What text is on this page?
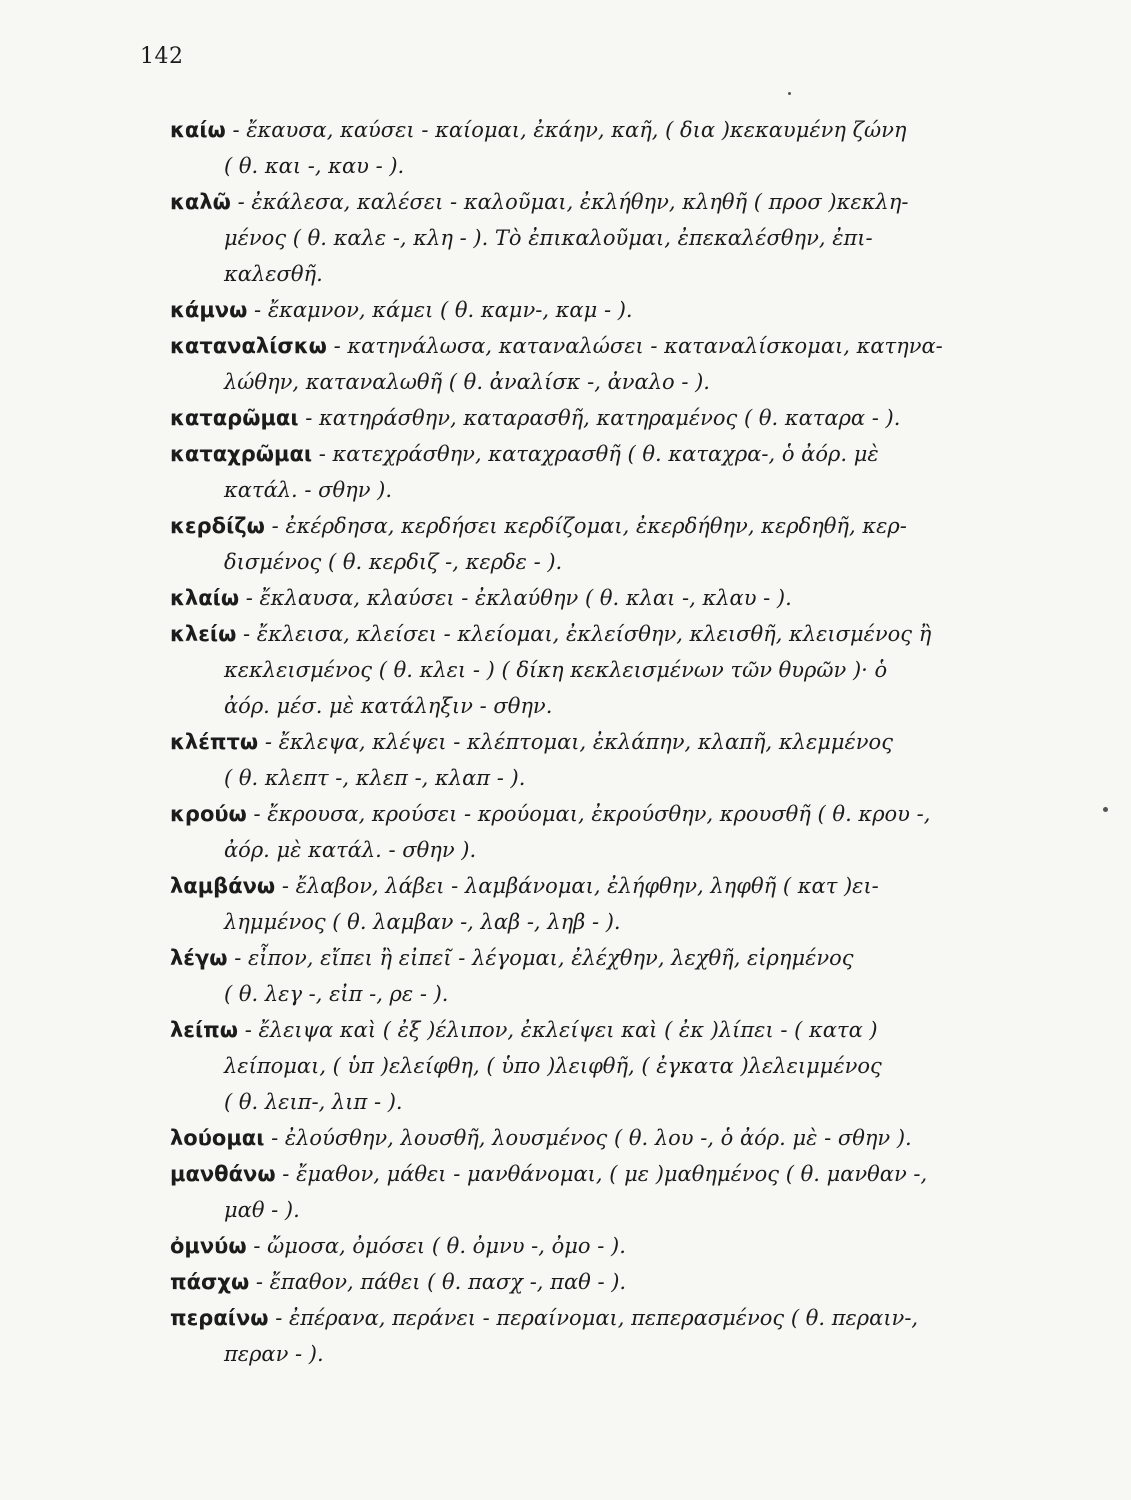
142
καίω - ἔκαυσα, καύσει - καίομαι, ἐκάην, καῆ, ( δια )κεκαυμένη ζώνη
( θ. και -, καυ - ).
καλῶ - ἐκάλεσα, καλέσει - καλοῦμαι, ἐκλήθην, κληθῆ ( προσ )κεκλη-
μένος ( θ. καλε -, κλη - ). Τὸ ἐπικαλοῦμαι, ἐπεκαλέσθην, ἐπι-
καλεσθῆ.
κάμνω - ἔκαμνον, κάμει ( θ. καμν-, καμ - ).
καταναλίσκω - κατηνάλωσα, καταναλώσει - καταναλίσκομαι, κατηνα-
λώθην, καταναλωθῆ ( θ. ἀναλίσκ -, ἀναλο - ).
καταρῶμαι - κατηράσθην, καταρασθῆ, κατηραμένος ( θ. καταρα - ).
καταχρῶμαι - κατεχράσθην, καταχρασθῆ ( θ. καταχρα-, ὁ ἀόρ. μὲ
κατάλ. - σθην ).
κερδίζω - ἐκέρδησα, κερδήσει κερδίζομαι, ἐκερδήθην, κερδηθῆ, κερ-
δισμένος ( θ. κερδιζ -, κερδε - ).
κλαίω - ἔκλαυσα, κλαύσει - ἐκλαύθην ( θ. κλαι -, κλαυ - ).
κλείω - ἔκλεισα, κλείσει - κλείομαι, ἐκλείσθην, κλεισθῆ, κλεισμένος ἢ
κεκλεισμένος ( θ. κλει - ) ( δίκη κεκλεισμένων τῶν θυρῶν )· ὁ
ἀόρ. μέσ. μὲ κατάληξιν - σθην.
κλέπτω - ἔκλεψα, κλέψει - κλέπτομαι, ἐκλάπην, κλαπῆ, κλεμμένος
( θ. κλεπτ -, κλεπ -, κλαπ - ).
κρούω - ἔκρουσα, κρούσει - κρούομαι, ἐκρούσθην, κρουσθῆ ( θ. κρου -,
ἀόρ. μὲ κατάλ. - σθην ).
λαμβάνω - ἔλαβον, λάβει - λαμβάνομαι, ἐλήφθην, ληφθῆ ( κατ )ει-
λημμένος ( θ. λαμβαν -, λαβ -, ληβ - ).
λέγω - εἶπον, εἴπει ἢ εἰπεῖ - λέγομαι, ἐλέχθην, λεχθῆ, εἰρημένος
( θ. λεγ -, εἰπ -, ρε - ).
λείπω - ἔλειψα καὶ ( ἐξ )έλιπον, ἐκλείψει καὶ ( ἐκ )λίπει - ( κατα )
λείπομαι, ( ὑπ )ελείφθη, ( ὑπο )λειφθῆ, ( ἐγκατα )λελειμμένος
( θ. λειπ-, λιπ - ).
λούομαι - ἐλούσθην, λουσθῆ, λουσμένος ( θ. λου -, ὁ ἀόρ. μὲ - σθην ).
μανθάνω - ἔμαθον, μάθει - μανθάνομαι, ( με )μαθημένος ( θ. μανθαν -,
μαθ - ).
ὀμνύω - ὤμοσα, ὀμόσει ( θ. ὀμνυ -, ὀμο - ).
πάσχω - ἔπαθον, πάθει ( θ. πασχ -, παθ - ).
περαίνω - ἐπέρανα, περάνει - περαίνομαι, πεπερασμένος ( θ. περαιν-,
περαν - ).
